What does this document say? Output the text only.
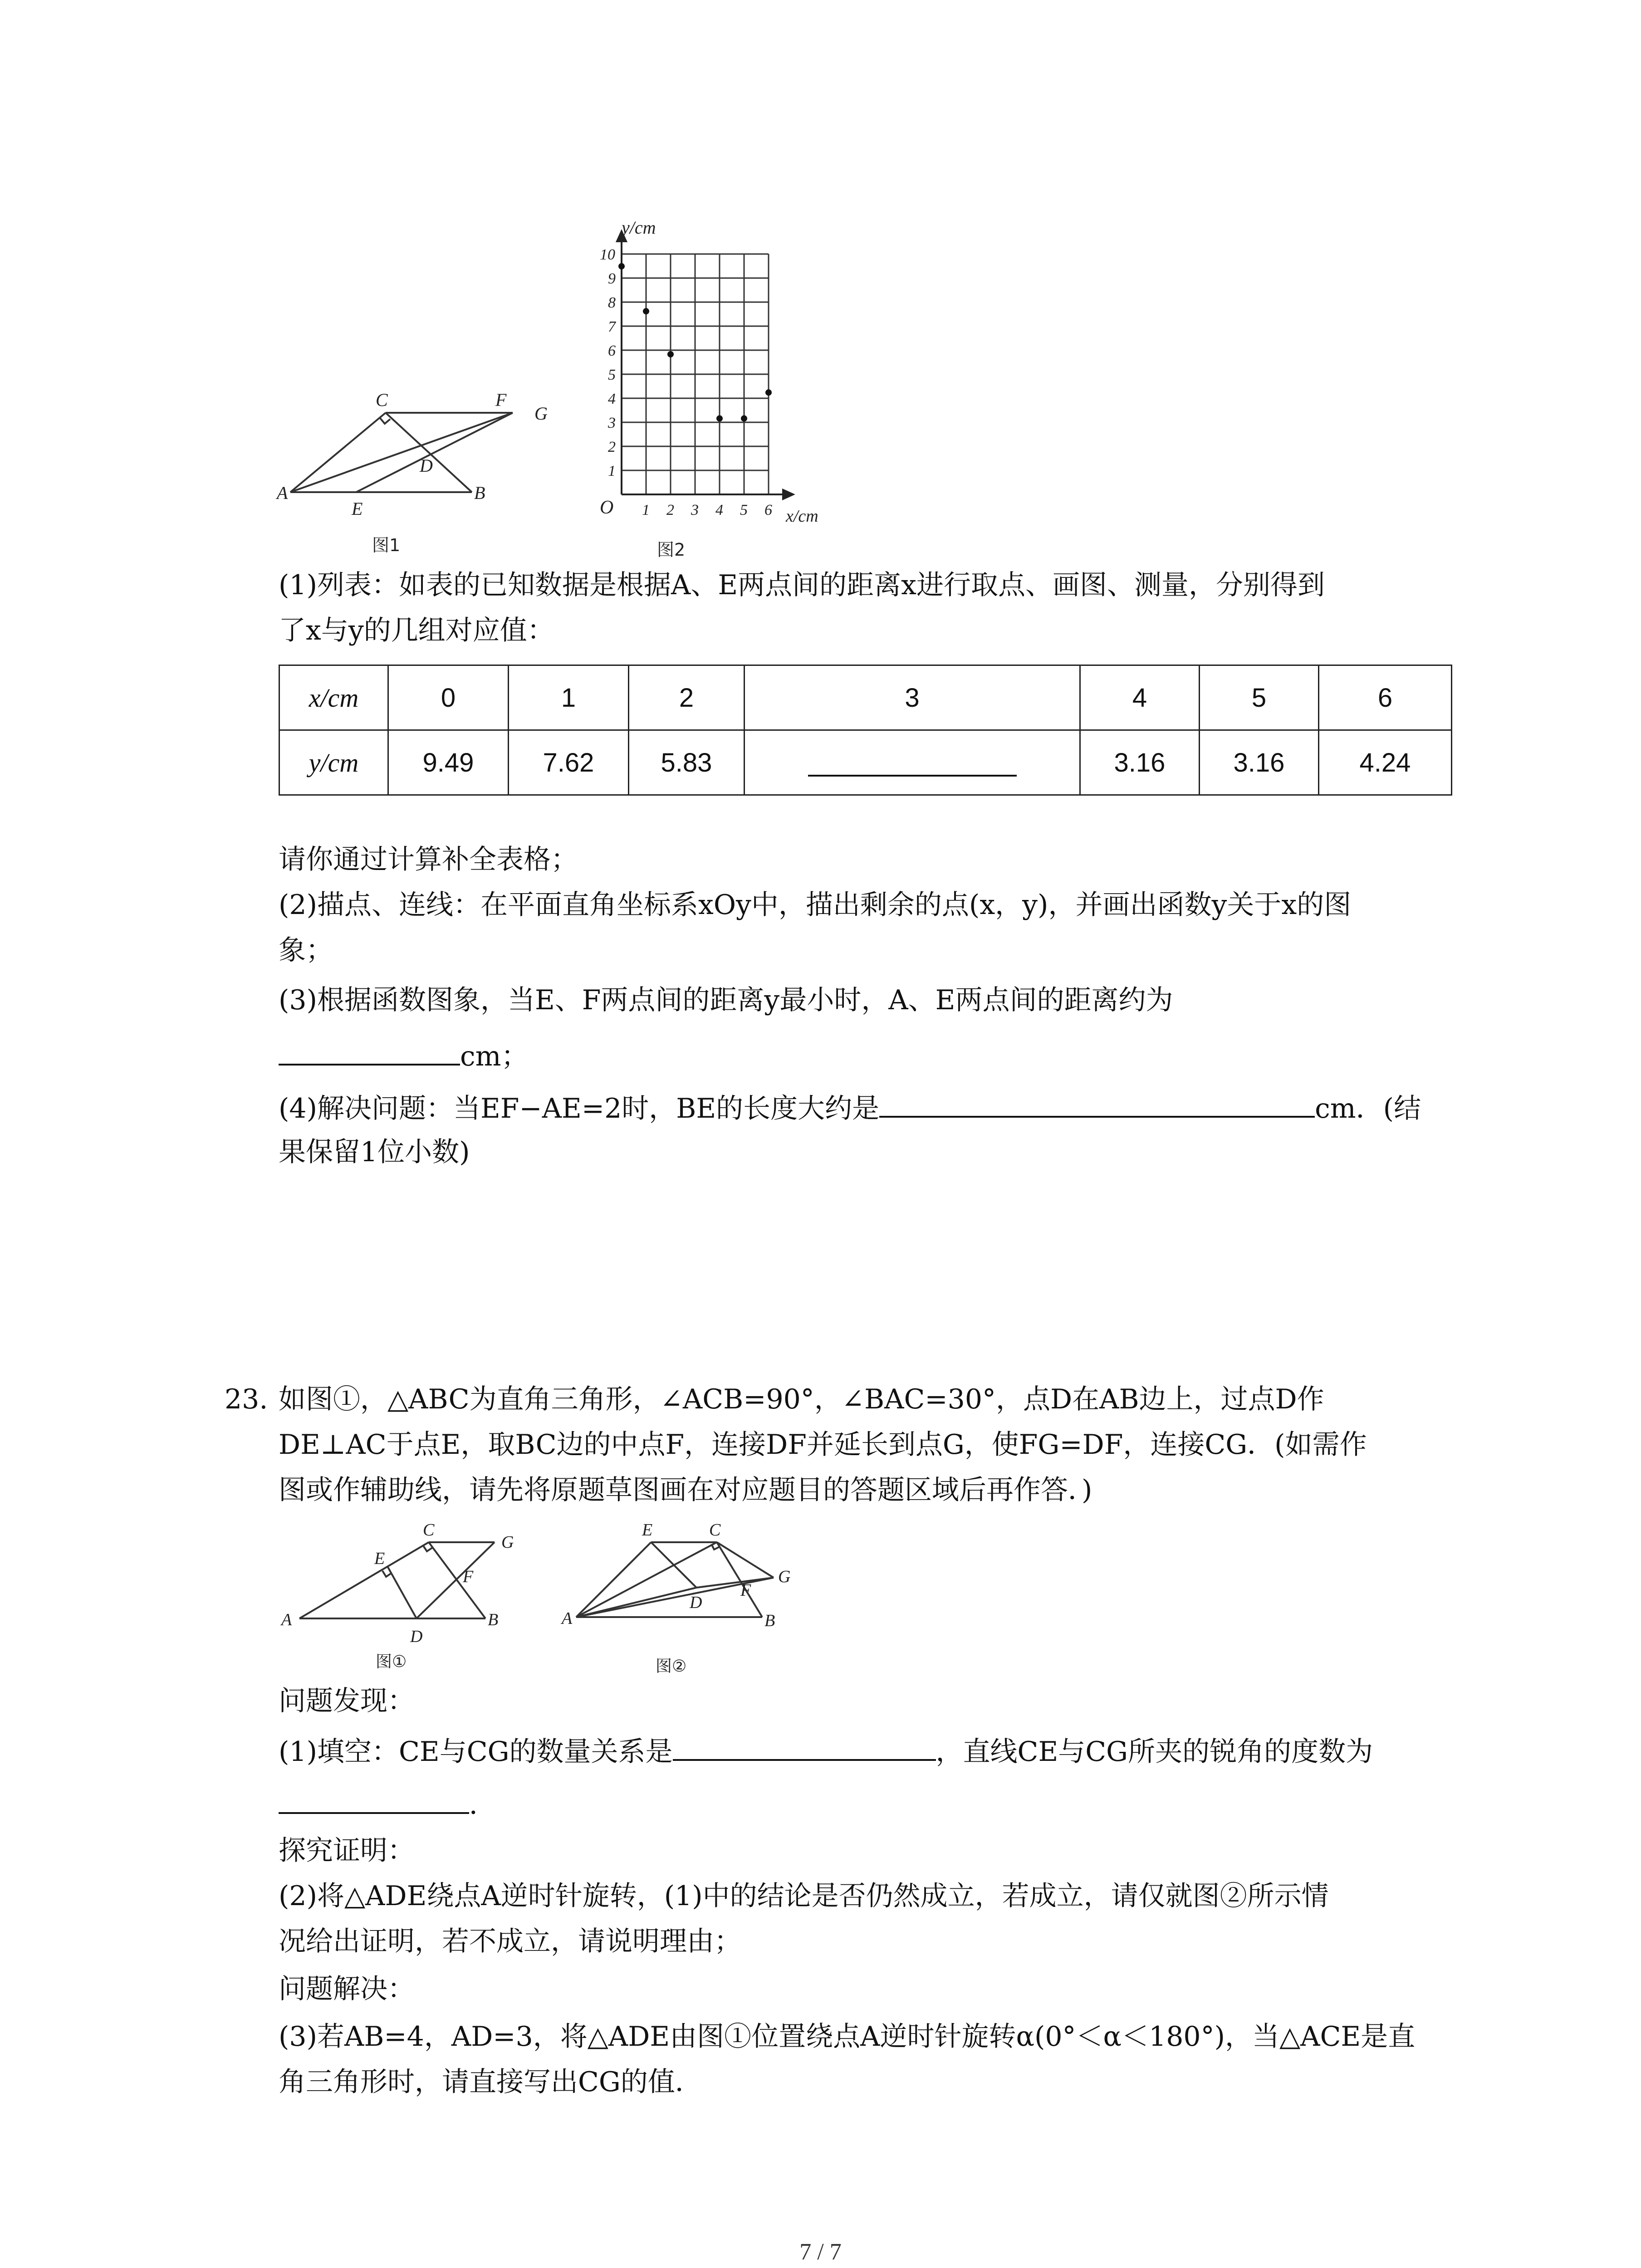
A	B
C
D
E
F
G
图1
1 2 3 4 5 6
1
2
3
4
5
6
7
8
9
10
y/cm
x/cm
O
图2
(1)列表：如表的已知数据是根据A、E两点间的距离x进行取点、画图、测量，分别得到
了x与y的几组对应值：
x/cm	0	1	2	3	4	5	6
y/cm	9.49	7.62	5.83		3.16	3.16	4.24
请你通过计算补全表格；
(2)描点、连线：在平面直角坐标系xOy中，描出剩余的点(x，y)，并画出函数y关于x的图
象；
(3)根据函数图象，当E、F两点间的距离y最小时，A、E两点间的距离约为
cm；
(4)解决问题：当EF−AE=2时，BE的长度大约是	cm．(结
果保留1位小数)
23. 如图①，△ABC为直角三角形，∠ACB=90°，∠BAC=30°，点D在AB边上，过点D作
DE⊥AC于点E，取BC边的中点F，连接DF并延长到点G，使FG=DF，连接CG．(如需作
图或作辅助线，请先将原题草图画在对应题目的答题区域后再作答．)
A	B
C
D
E
F
G
图①
A	B
C
D
E
F
G
图②
问题发现：
(1)填空：CE与CG的数量关系是	，直线CE与CG所夹的锐角的度数为
．
探究证明：
(2)将△ADE绕点A逆时针旋转，(1)中的结论是否仍然成立，若成立，请仅就图②所示情
况给出证明，若不成立，请说明理由；
问题解决：
(3)若AB=4，AD=3，将△ADE由图①位置绕点A逆时针旋转α(0°＜α＜180°)，当△ACE是直
角三角形时，请直接写出CG的值．
7 / 7
